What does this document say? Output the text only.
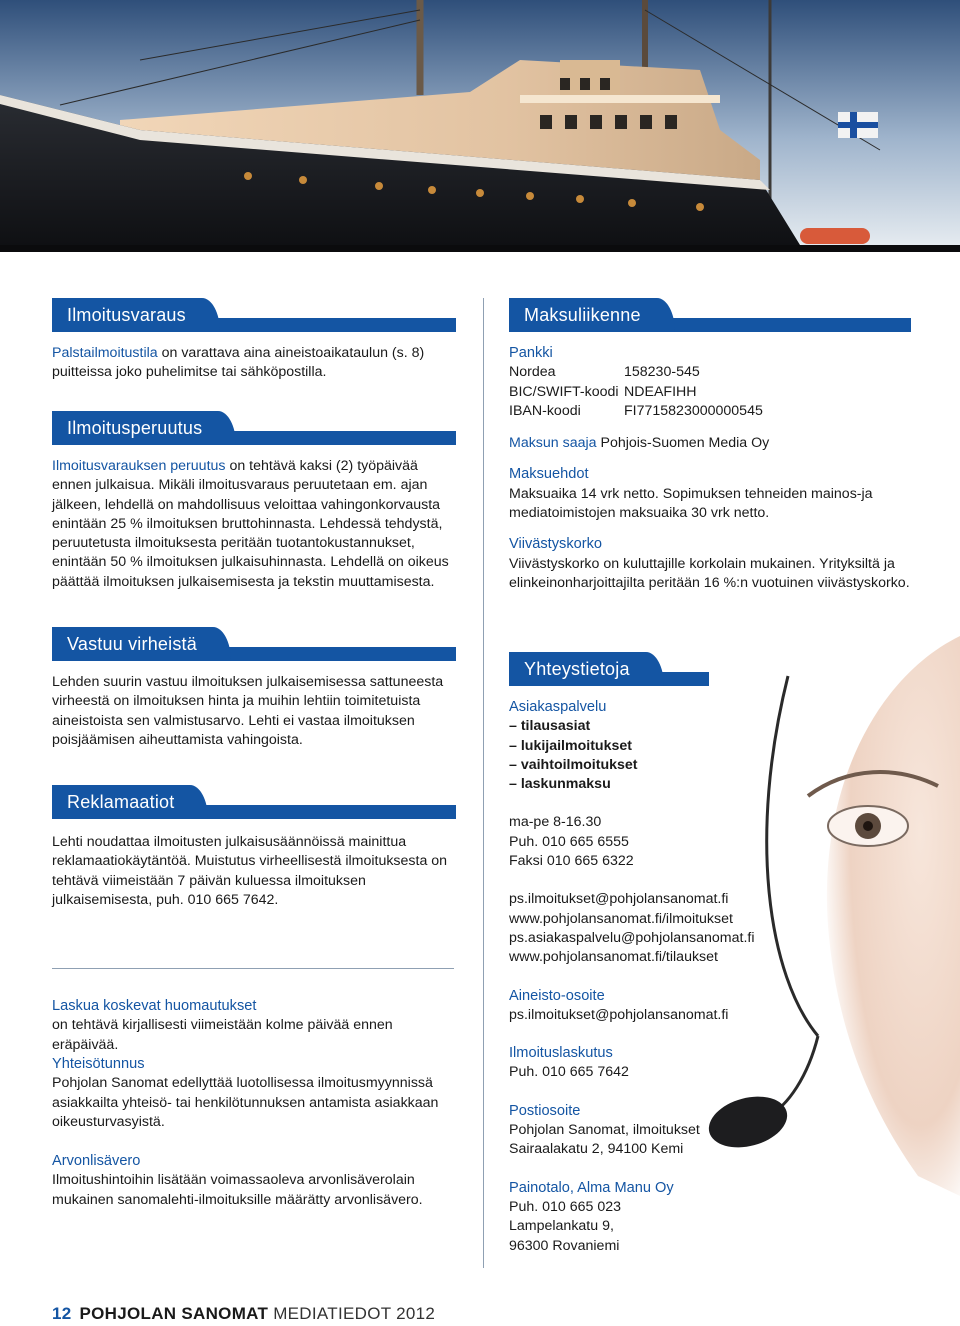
Ilmoitusvaraus

Palstailmoitustila on varattava aina aineistoaikataulun (s. 8) puitteissa joko puhelimitse tai sähköpostilla.

Ilmoitusperuutus

Ilmoitusvarauksen peruutus on tehtävä kaksi (2) työpäivää ennen julkaisua. Mikäli ilmoitusvaraus peruutetaan em. ajan jälkeen, lehdellä on mahdollisuus veloittaa vahingonkorvausta enintään 25 % ilmoituksen bruttohinnasta. Lehdessä tehdystä, peruutetusta ilmoituksesta peritään tuotantokustannukset, enintään 50 % ilmoituksen julkaisuhinnasta. Lehdellä on oikeus päättää ilmoituksen julkaisemisesta ja tekstin muuttamisesta.

Vastuu virheistä

Lehden suurin vastuu ilmoituksen julkaisemisessa sattuneesta virheestä on ilmoituksen hinta ja muihin lehtiin toimitetuista aineistoista sen valmistusarvo. Lehti ei vastaa ilmoituksen poisjäämisen aiheuttamista vahingoista.

Reklamaatiot

Lehti noudattaa ilmoitusten julkaisusäännöissä mainittua reklamaatiokäytäntöä. Muistutus virheellisestä ilmoituksesta on tehtävä viimeistään 7 päivän kuluessa ilmoituksen julkaisemisesta, puh. 010 665 7642.

Laskua koskevat huomautukset

on tehtävä kirjallisesti viimeistään kolme päivää ennen eräpäivää.

Yhteisötunnus

Pohjolan Sanomat edellyttää luotollisessa ilmoitusmyynnissä asiakkailta yhteisö- tai henkilötunnuksen antamista asiakkaan oikeusturvasyistä.

Arvonlisävero

Ilmoitushintoihin lisätään voimassaoleva arvonlisäverolain mukainen sanomalehti-ilmoituksille määrätty arvonlisävero.

Maksuliikenne

Pankki

Nordea	158230-545
BIC/SWIFT-koodi NDEAFIHH
IBAN-koodi	FI7715823000000545

Maksun saaja Pohjois-Suomen Media Oy

Maksuehdot

Maksuaika 14 vrk netto. Sopimuksen tehneiden mainos-ja mediatoimistojen maksuaika 30 vrk netto.

Viivästyskorko

Viivästyskorko on kuluttajille korkolain mukainen. Yrityksiltä ja elinkeinonharjoittajilta peritään 16 %:n vuotuinen viivästyskorko.

Yhteystietoja

Asiakaspalvelu

– tilausasiat
– lukijailmoitukset
– vaihtoilmoitukset
– laskunmaksu

ma-pe 8-16.30

Puh. 010 665 6555

Faksi 010 665 6322

ps.ilmoitukset@pohjolansanomat.fi

www.pohjolansanomat.fi/ilmoitukset

ps.asiakaspalvelu@pohjolansanomat.fi

www.pohjolansanomat.fi/tilaukset

Aineisto-osoite

ps.ilmoitukset@pohjolansanomat.fi

Ilmoituslaskutus

Puh. 010 665 7642

Postiosoite

Pohjolan Sanomat, ilmoitukset

Sairaalakatu 2, 94100 Kemi

Painotalo, Alma Manu Oy

Puh. 010 665 023

Lampelankatu 9,

96300 Rovaniemi

12 POHJOLAN SANOMAT MEDIATIEDOT 2012
